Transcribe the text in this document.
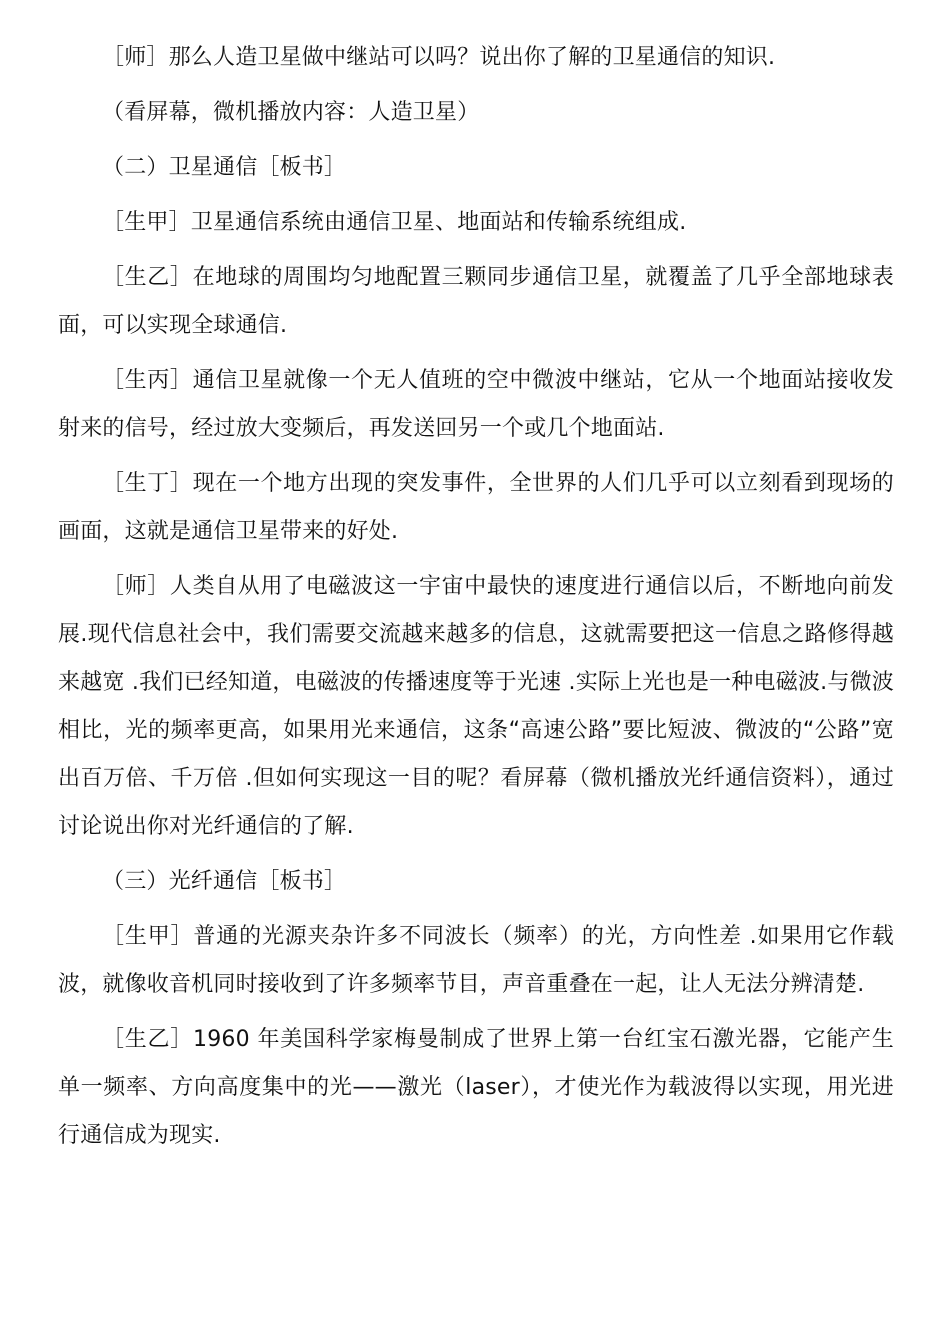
［师］那么人造卫星做中继站可以吗？说出你了解的卫星通信的知识.

（看屏幕，微机播放内容：人造卫星）

（二）卫星通信［板书］

［生甲］卫星通信系统由通信卫星、地面站和传输系统组成.

［生乙］在地球的周围均匀地配置三颗同步通信卫星，就覆盖了几乎全部地球表面，可以实现全球通信.

［生丙］通信卫星就像一个无人值班的空中微波中继站，它从一个地面站接收发射来的信号，经过放大变频后，再发送回另一个或几个地面站.

［生丁］现在一个地方出现的突发事件，全世界的人们几乎可以立刻看到现场的画面，这就是通信卫星带来的好处.

［师］人类自从用了电磁波这一宇宙中最快的速度进行通信以后，不断地向前发展.现代信息社会中，我们需要交流越来越多的信息，这就需要把这一信息之路修得越来越宽 .我们已经知道，电磁波的传播速度等于光速 .实际上光也是一种电磁波.与微波相比，光的频率更高，如果用光来通信，这条“高速公路”要比短波、微波的“公路”宽出百万倍、千万倍 .但如何实现这一目的呢？看屏幕（微机播放光纤通信资料），通过讨论说出你对光纤通信的了解.

（三）光纤通信［板书］

［生甲］普通的光源夹杂许多不同波长（频率）的光，方向性差 .如果用它作载波，就像收音机同时接收到了许多频率节目，声音重叠在一起，让人无法分辨清楚.

［生乙］1960 年美国科学家梅曼制成了世界上第一台红宝石激光器，它能产生单一频率、方向高度集中的光——激光（laser），才使光作为载波得以实现，用光进行通信成为现实.
